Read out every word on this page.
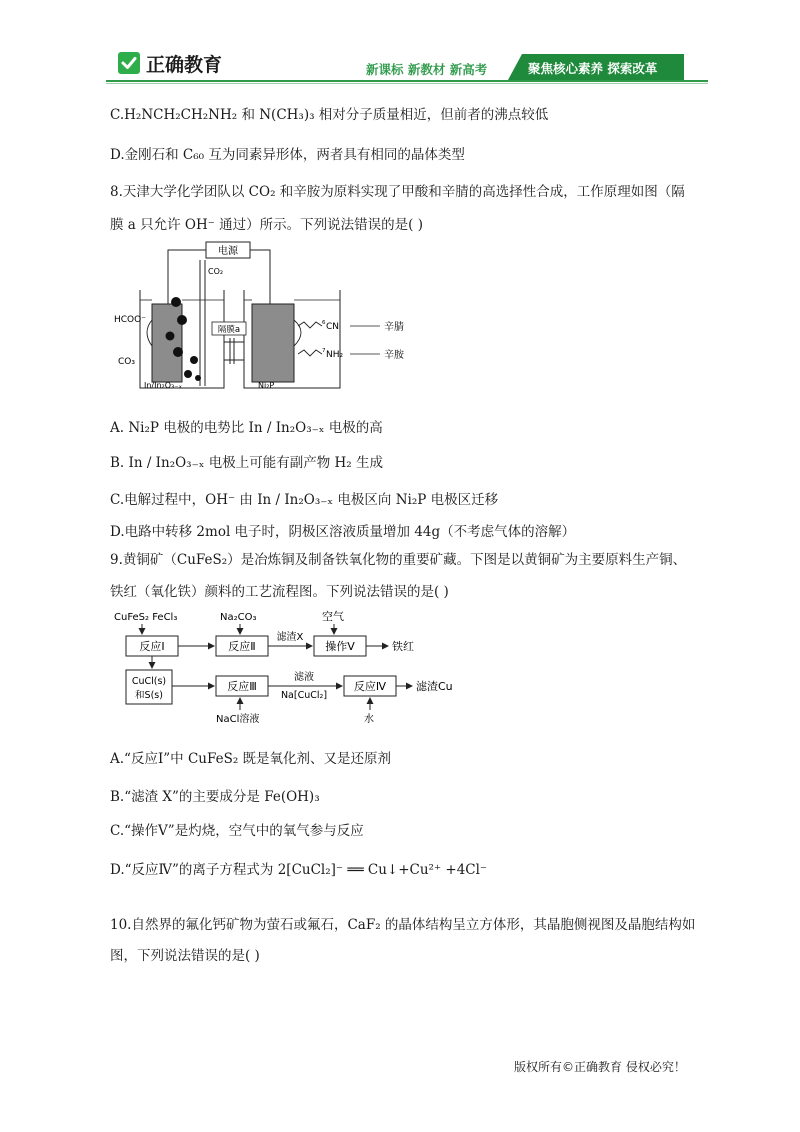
正确教育	新课标 新教材 新高考	聚焦核心素养 探索改革
C.H₂NCH₂CH₂NH₂ 和 N(CH₃)₃ 相对分子质量相近，但前者的沸点较低
D.金刚石和 C₆₀ 互为同素异形体，两者具有相同的晶体类型
8.天津大学化学团队以 CO₂ 和辛胺为原料实现了甲酸和辛腈的高选择性合成，工作原理如图（隔
膜 a 只允许 OH⁻ 通过）所示。下列说法错误的是( )
电源
CO₂
隔膜a
HCOO⁻
CO₃
In/In₂O₃₋ₓ	Ni₂P
6 CN
7 NH₂
辛腈
辛胺
A. Ni₂P 电极的电势比 In / In₂O₃₋ₓ 电极的高
B. In / In₂O₃₋ₓ 电极上可能有副产物 H₂ 生成
C.电解过程中，OH⁻ 由 In / In₂O₃₋ₓ 电极区向 Ni₂P 电极区迁移
D.电路中转移 2mol 电子时，阴极区溶液质量增加 44g（不考虑气体的溶解）
9.黄铜矿（CuFeS₂）是冶炼铜及制备铁氧化物的重要矿藏。下图是以黄铜矿为主要原料生产铜、
铁红（氧化铁）颜料的工艺流程图。下列说法错误的是( )
CuFeS₂ FeCl₃
反应Ⅰ
Na₂CO₃
反应Ⅱ
滤渣X
空气
操作Ⅴ	铁红
CuCl(s)
和S(s)
反应Ⅲ
NaCl溶液
滤液
Na[CuCl₂]
反应Ⅳ
水
滤渣Cu
A.“反应Ⅰ”中 CuFeS₂ 既是氧化剂、又是还原剂
B.“滤渣 X”的主要成分是 Fe(OH)₃
C.“操作Ⅴ”是灼烧，空气中的氧气参与反应
D.“反应Ⅳ”的离子方程式为 2[CuCl₂]⁻ ══ Cu↓+Cu²⁺ +4Cl⁻
10.自然界的氟化钙矿物为萤石或氟石，CaF₂ 的晶体结构呈立方体形，其晶胞侧视图及晶胞结构如
图，下列说法错误的是( )
版权所有©正确教育 侵权必究！
